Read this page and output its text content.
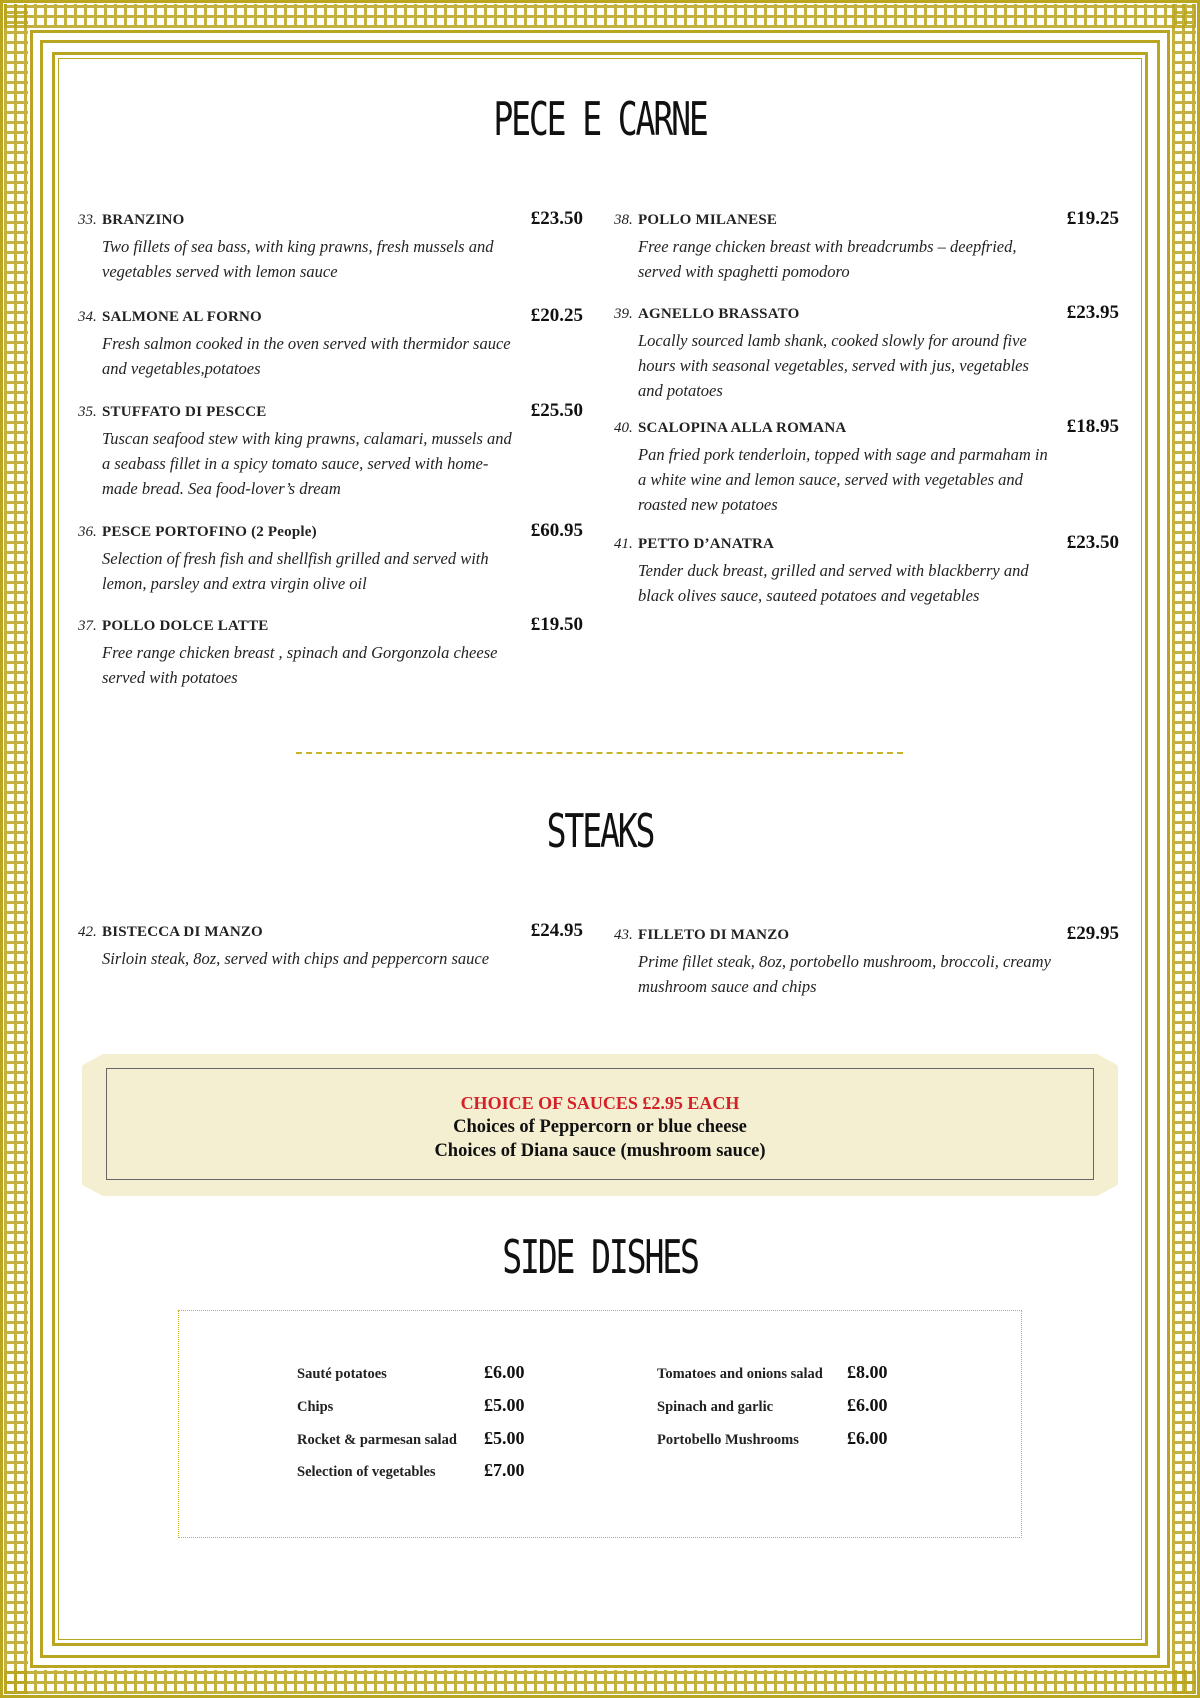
PECE E CARNE
33. BRANZINO	£23.50
Two fillets of sea bass, with king prawns, fresh mussels and vegetables served with lemon sauce
34. SALMONE AL FORNO	£20.25
Fresh salmon cooked in the oven served with thermidor sauce and vegetables,potatoes
35. STUFFATO DI PESCCE	£25.50
Tuscan seafood stew with king prawns, calamari, mussels and a seabass fillet in a spicy tomato sauce, served with home-made bread. Sea food-lover’s dream
36. PESCE PORTOFINO (2 People)	£60.95
Selection of fresh fish and shellfish grilled and served with lemon, parsley and extra virgin olive oil
37. POLLO DOLCE LATTE	£19.50
Free range chicken breast , spinach and Gorgonzola cheese served with potatoes
38. POLLO MILANESE	£19.25
Free range chicken breast with breadcrumbs – deepfried, served with spaghetti pomodoro
39. AGNELLO BRASSATO	£23.95
Locally sourced lamb shank, cooked slowly for around five hours with seasonal vegetables, served with jus, vegetables and potatoes
40. SCALOPINA ALLA ROMANA	£18.95
Pan fried pork tenderloin, topped with sage and parmaham in a white wine and lemon sauce, served with vegetables and roasted new potatoes
41. PETTO D’ANATRA	£23.50
Tender duck breast, grilled and served with blackberry and black olives sauce, sauteed potatoes and vegetables
STEAKS
42. BISTECCA DI MANZO	£24.95
Sirloin steak, 8oz, served with chips and peppercorn sauce
43. FILLETO DI MANZO	£29.95
Prime fillet steak, 8oz, portobello mushroom, broccoli, creamy mushroom sauce and chips
CHOICE OF SAUCES £2.95 EACH
Choices of Peppercorn or blue cheese
Choices of Diana sauce (mushroom sauce)
SIDE DISHES
Sauté potatoes	£6.00
Chips	£5.00
Rocket & parmesan salad £5.00
Selection of vegetables	£7.00
Tomatoes and onions salad £8.00
Spinach and garlic	£6.00
Portobello Mushrooms	£6.00
